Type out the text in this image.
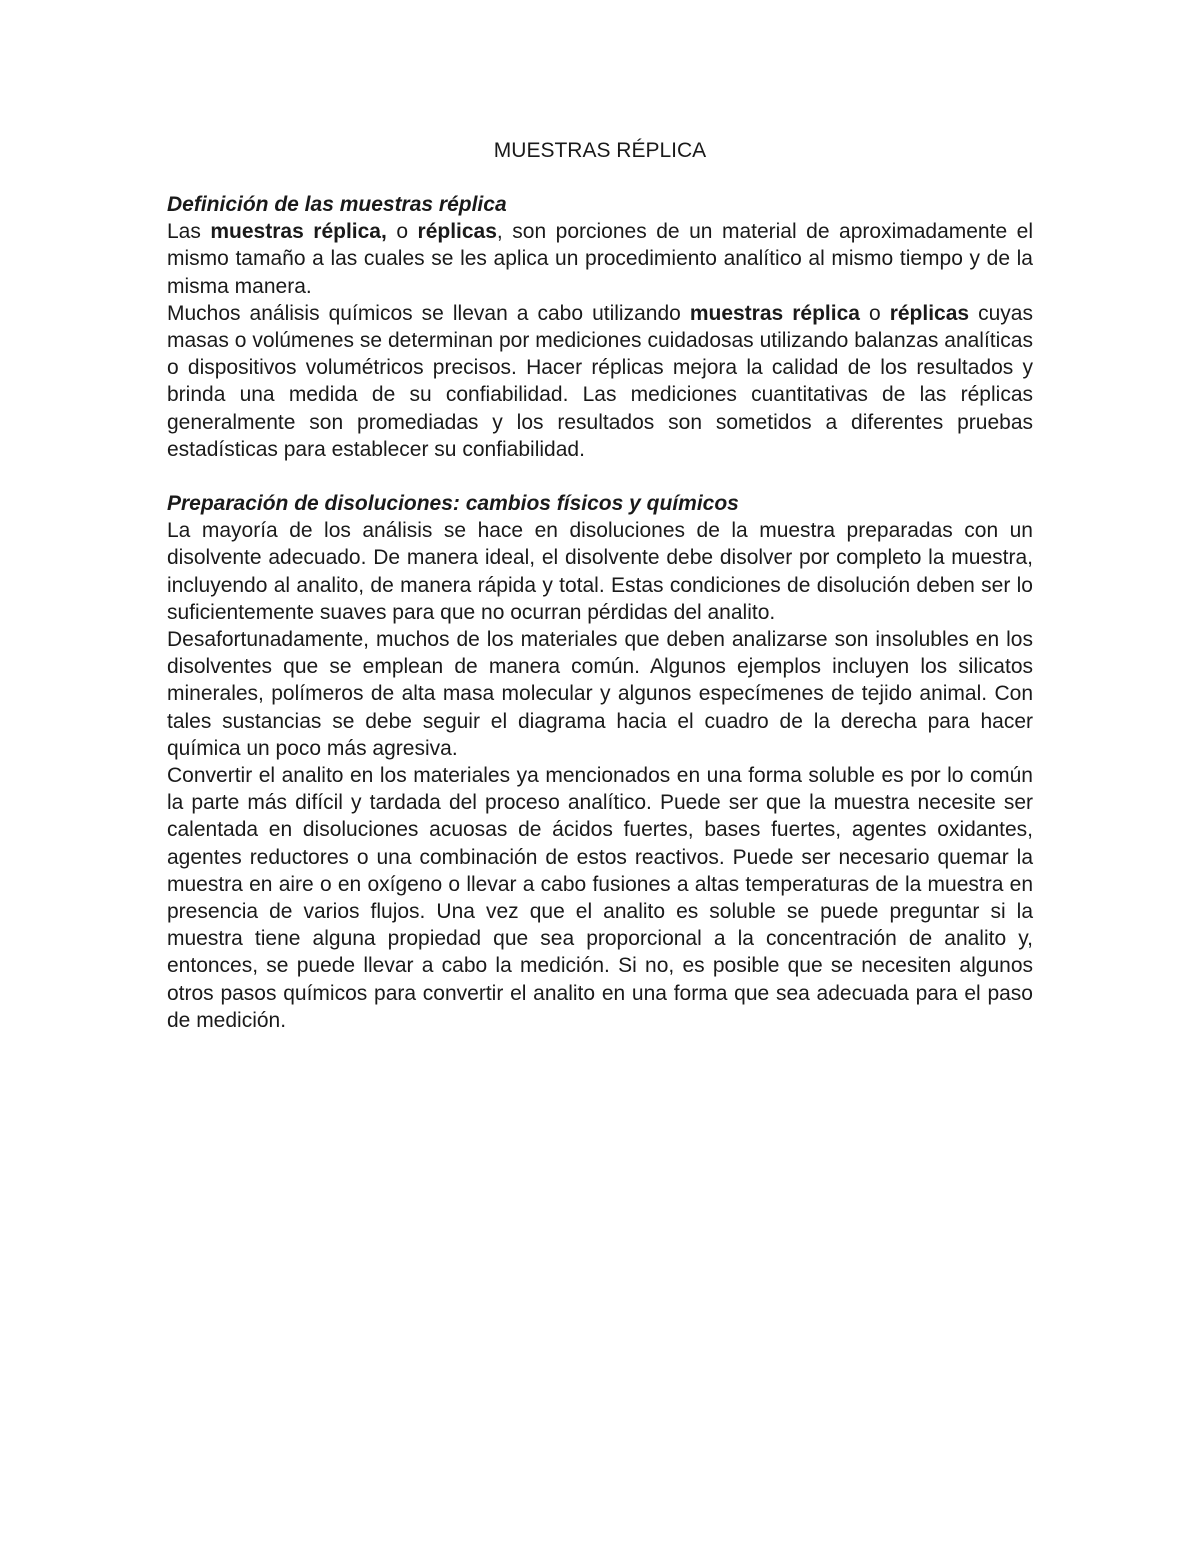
MUESTRAS RÉPLICA
Definición de las muestras réplica

Las muestras réplica, o réplicas, son porciones de un material de aproximadamente el mismo tamaño a las cuales se les aplica un procedimiento analítico al mismo tiempo y de la misma manera.

Muchos análisis químicos se llevan a cabo utilizando muestras réplica o réplicas cuyas masas o volúmenes se determinan por mediciones cuidadosas utilizando balanzas analíticas o dispositivos volumétricos precisos. Hacer réplicas mejora la calidad de los resultados y brinda una medida de su confiabilidad. Las mediciones cuantitativas de las réplicas generalmente son promediadas y los resultados son sometidos a diferentes pruebas estadísticas para establecer su confiabilidad.

Preparación de disoluciones: cambios físicos y químicos

La mayoría de los análisis se hace en disoluciones de la muestra preparadas con un disolvente adecuado. De manera ideal, el disolvente debe disolver por completo la muestra, incluyendo al analito, de manera rápida y total. Estas condiciones de disolución deben ser lo suficientemente suaves para que no ocurran pérdidas del analito.

Desafortunadamente, muchos de los materiales que deben analizarse son insolubles en los disolventes que se emplean de manera común. Algunos ejemplos incluyen los silicatos minerales, polímeros de alta masa molecular y algunos especímenes de tejido animal. Con tales sustancias se debe seguir el diagrama hacia el cuadro de la derecha para hacer química un poco más agresiva.

Convertir el analito en los materiales ya mencionados en una forma soluble es por lo común la parte más difícil y tardada del proceso analítico. Puede ser que la muestra necesite ser calentada en disoluciones acuosas de ácidos fuertes, bases fuertes, agentes oxidantes, agentes reductores o una combinación de estos reactivos. Puede ser necesario quemar la muestra en aire o en oxígeno o llevar a cabo fusiones a altas temperaturas de la muestra en presencia de varios flujos. Una vez que el analito es soluble se puede preguntar si la muestra tiene alguna propiedad que sea proporcional a la concentración de analito y, entonces, se puede llevar a cabo la medición. Si no, es posible que se necesiten algunos otros pasos químicos para convertir el analito en una forma que sea adecuada para el paso de medición.
